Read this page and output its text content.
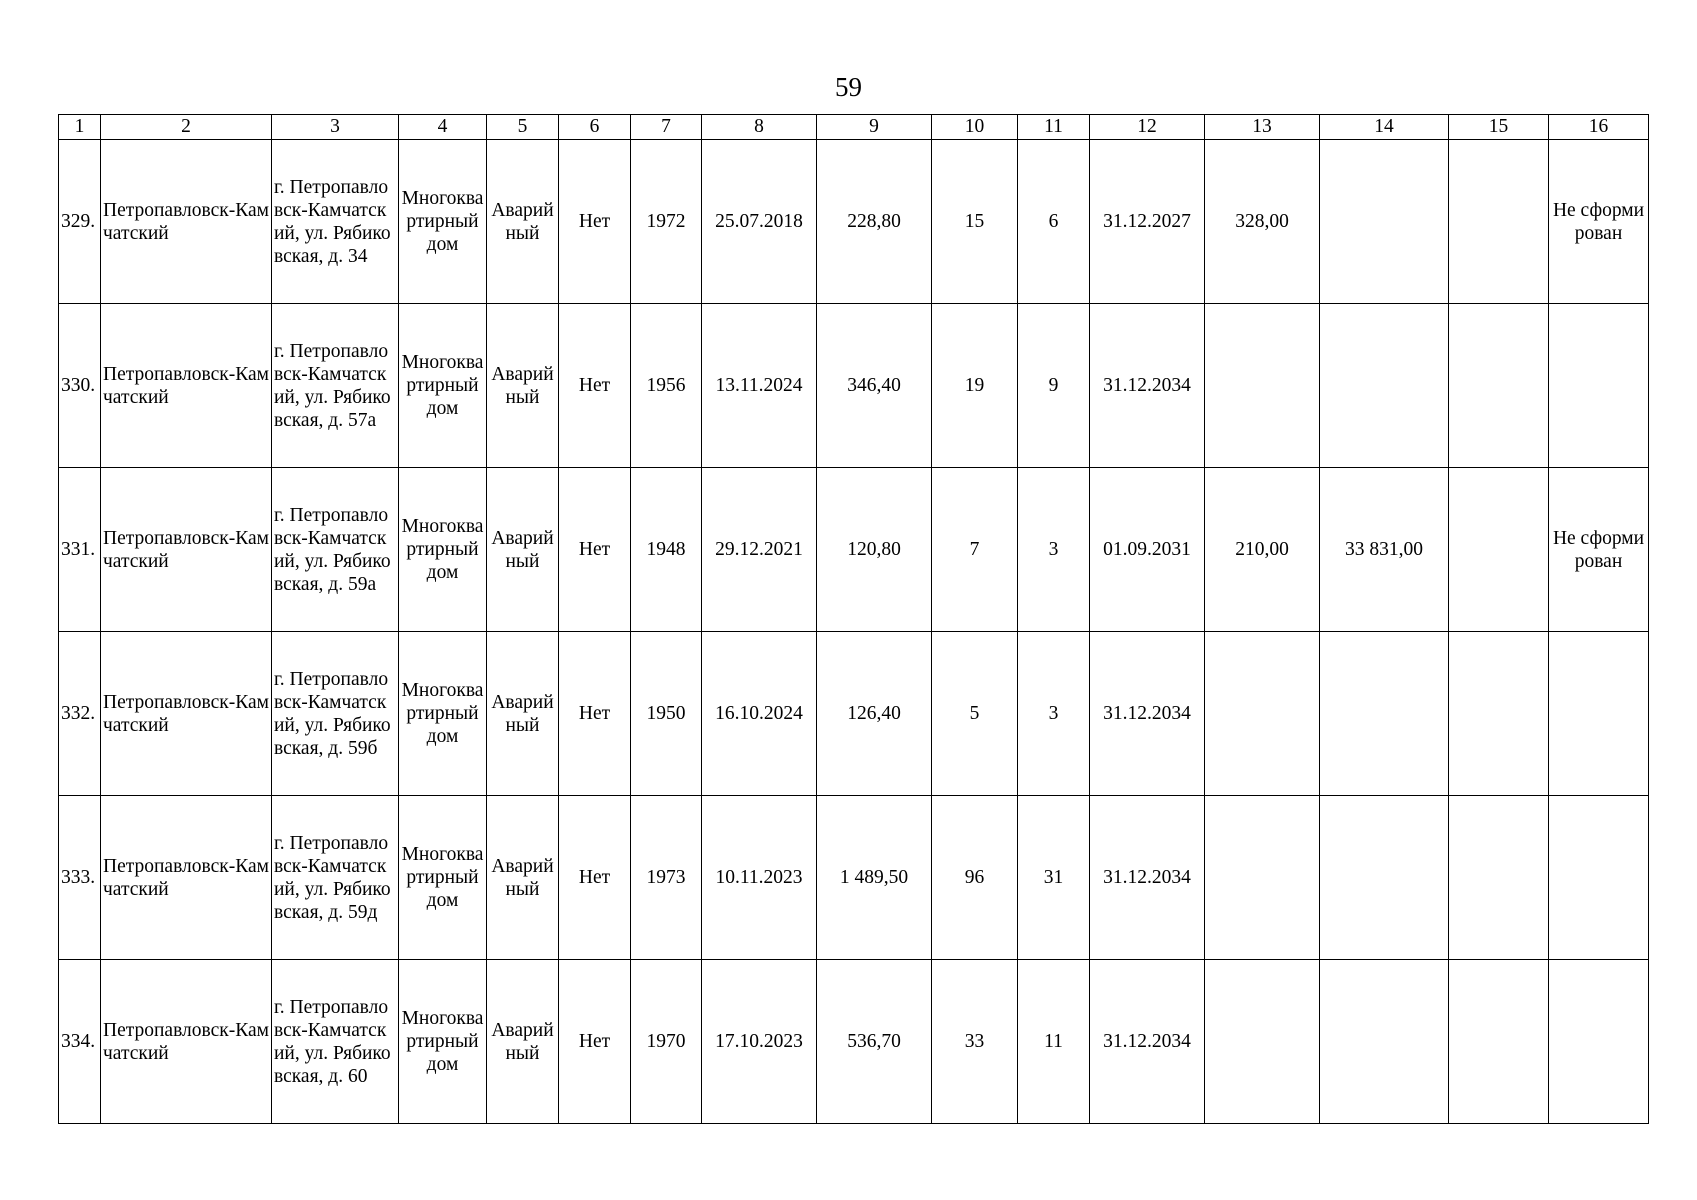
59
1	2	3	4	5	6	7	8	9	10	11	12	13	14	15	16
329.	Петропавловск-Камчатский	г. Петропавловск-Камчатский, ул. Рябиковская, д. 34	Многоквартирный дом	Аварийный	Нет	1972	25.07.2018	228,80	15	6	31.12.2027	328,00			Не сформирован
330.	Петропавловск-Камчатский	г. Петропавловск-Камчатский, ул. Рябиковская, д. 57а	Многоквартирный дом	Аварийный	Нет	1956	13.11.2024	346,40	19	9	31.12.2034				
331.	Петропавловск-Камчатский	г. Петропавловск-Камчатский, ул. Рябиковская, д. 59а	Многоквартирный дом	Аварийный	Нет	1948	29.12.2021	120,80	7	3	01.09.2031	210,00	33 831,00		Не сформирован
332.	Петропавловск-Камчатский	г. Петропавловск-Камчатский, ул. Рябиковская, д. 59б	Многоквартирный дом	Аварийный	Нет	1950	16.10.2024	126,40	5	3	31.12.2034				
333.	Петропавловск-Камчатский	г. Петропавловск-Камчатский, ул. Рябиковская, д. 59д	Многоквартирный дом	Аварийный	Нет	1973	10.11.2023	1 489,50	96	31	31.12.2034				
334.	Петропавловск-Камчатский	г. Петропавловск-Камчатский, ул. Рябиковская, д. 60	Многоквартирный дом	Аварийный	Нет	1970	17.10.2023	536,70	33	11	31.12.2034				
